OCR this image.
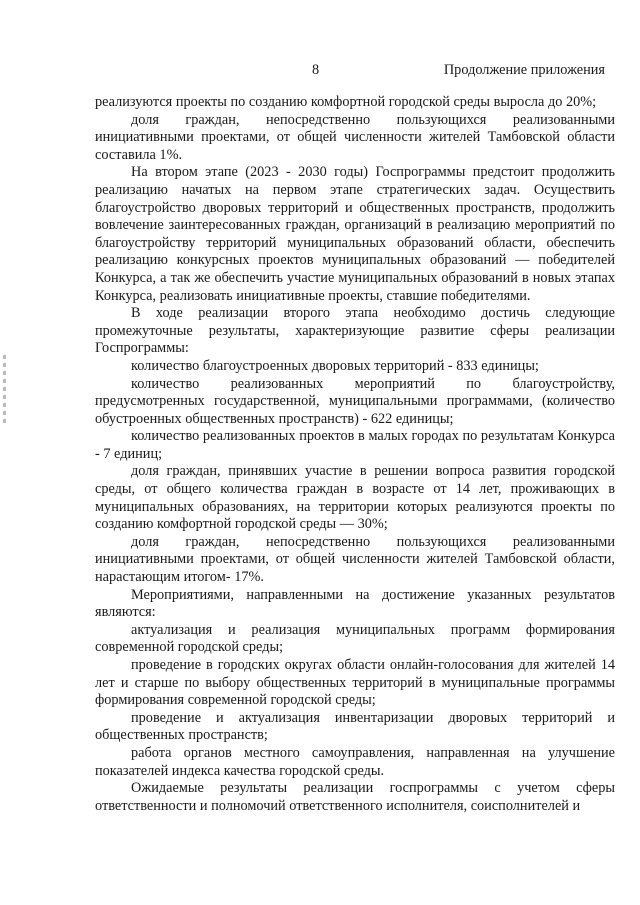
8	Продолжение приложения

реализуются проекты по созданию комфортной городской среды выросла до 20%;

доля граждан, непосредственно пользующихся реализованными инициативными проектами, от общей численности жителей Тамбовской области составила 1%.

На втором этапе (2023 - 2030 годы) Госпрограммы предстоит продолжить реализацию начатых на первом этапе стратегических задач. Осуществить благоустройство дворовых территорий и общественных пространств, продолжить вовлечение заинтересованных граждан, организаций в реализацию мероприятий по благоустройству территорий муниципальных образований области, обеспечить реализацию конкурсных проектов муниципальных образований — победителей Конкурса, а так же обеспечить участие муниципальных образований в новых этапах Конкурса, реализовать инициативные проекты, ставшие победителями.

В ходе реализации второго этапа необходимо достичь следующие промежуточные результаты, характеризующие развитие сферы реализации Госпрограммы:

количество благоустроенных дворовых территорий - 833 единицы;

количество реализованных мероприятий по благоустройству, предусмотренных государственной, муниципальными программами, (количество обустроенных общественных пространств) - 622 единицы;

количество реализованных проектов в малых городах по результатам Конкурса - 7 единиц;

доля граждан, принявших участие в решении вопроса развития городской среды, от общего количества граждан в возрасте от 14 лет, проживающих в муниципальных образованиях, на территории которых реализуются проекты по созданию комфортной городской среды — 30%;

доля граждан, непосредственно пользующихся реализованными инициативными проектами, от общей численности жителей Тамбовской области, нарастающим итогом- 17%.

Мероприятиями, направленными на достижение указанных результатов являются:

актуализация и реализация муниципальных программ формирования современной городской среды;

проведение в городских округах области онлайн-голосования для жителей 14 лет и старше по выбору общественных территорий в муниципальные программы формирования современной городской среды;

проведение и актуализация инвентаризации дворовых территорий и общественных пространств;

работа органов местного самоуправления, направленная на улучшение показателей индекса качества городской среды.

Ожидаемые результаты реализации госпрограммы с учетом сферы ответственности и полномочий ответственного исполнителя, соисполнителей и
